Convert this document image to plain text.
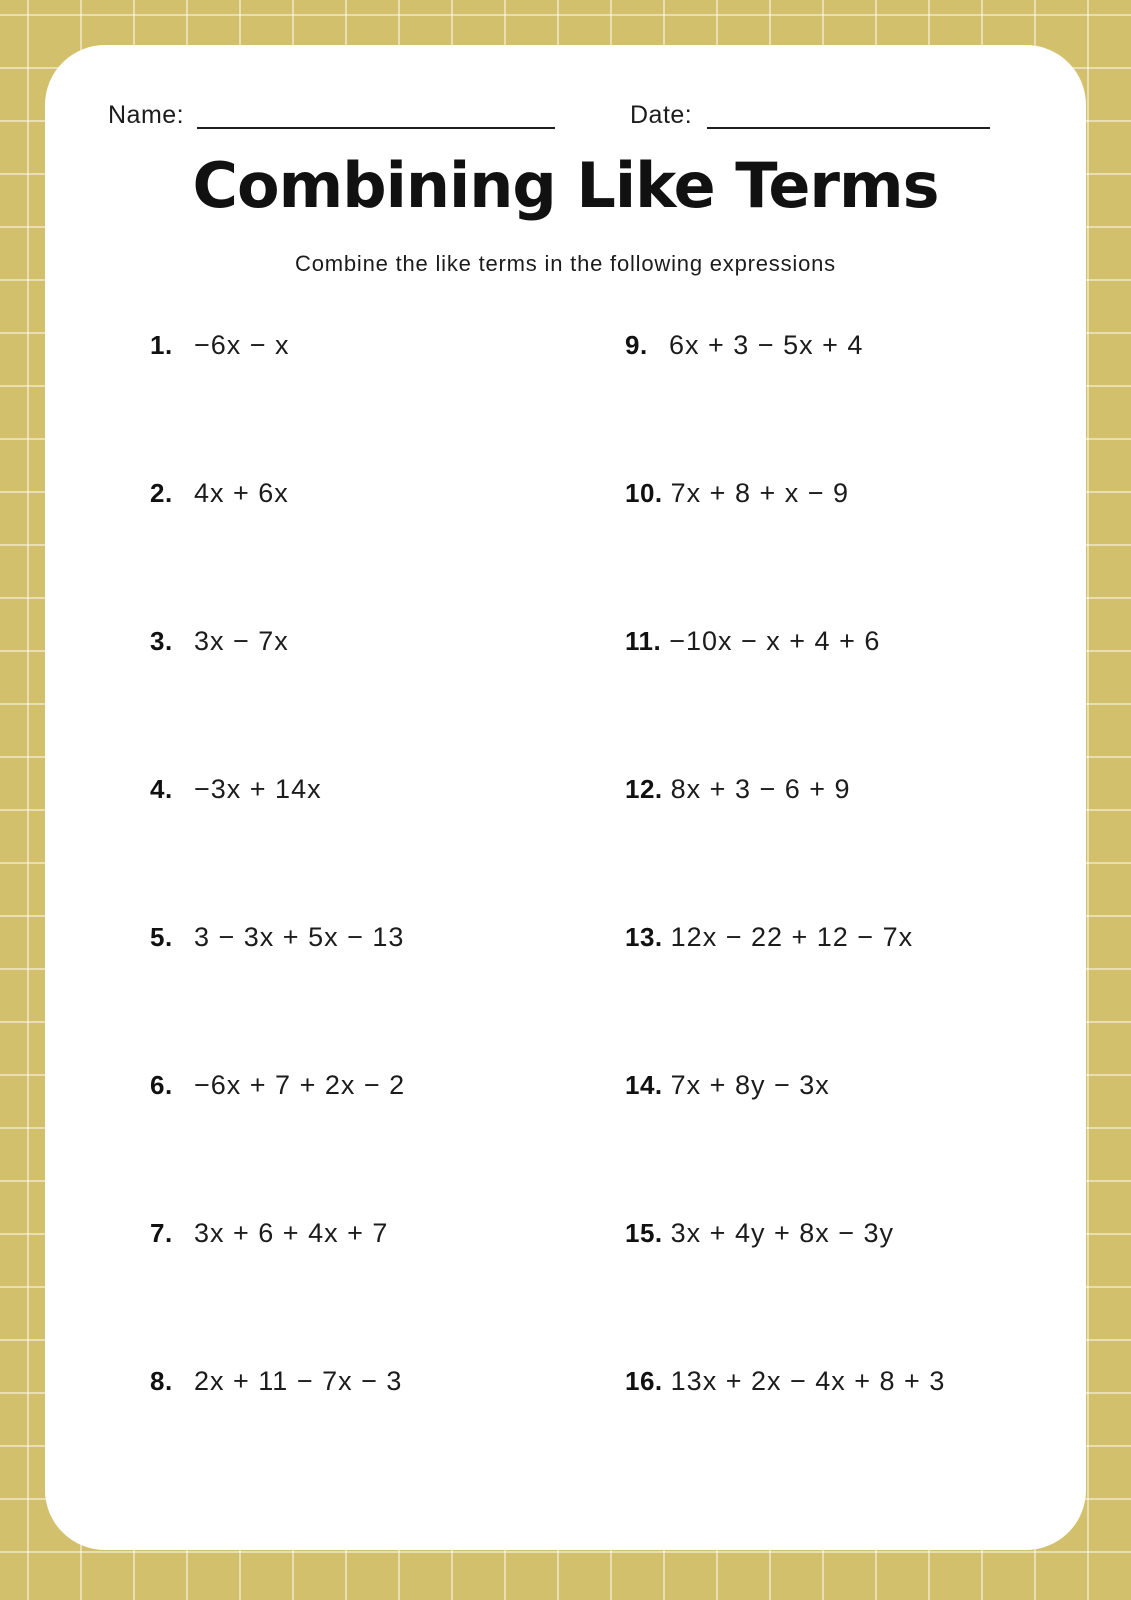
Name:	Date:
Combining Like Terms
Combine the like terms in the following expressions
1. −6x − x
2. 4x + 6x
3. 3x − 7x
4. −3x + 14x
5. 3 − 3x + 5x − 13
6. −6x + 7 + 2x − 2
7. 3x + 6 + 4x + 7
8. 2x + 11 − 7x − 3
9. 6x + 3 − 5x + 4
10. 7x + 8 + x − 9
11. −10x − x + 4 + 6
12. 8x + 3 − 6 + 9
13. 12x − 22 + 12 − 7x
14. 7x + 8y − 3x
15. 3x + 4y + 8x − 3y
16. 13x + 2x − 4x + 8 + 3
